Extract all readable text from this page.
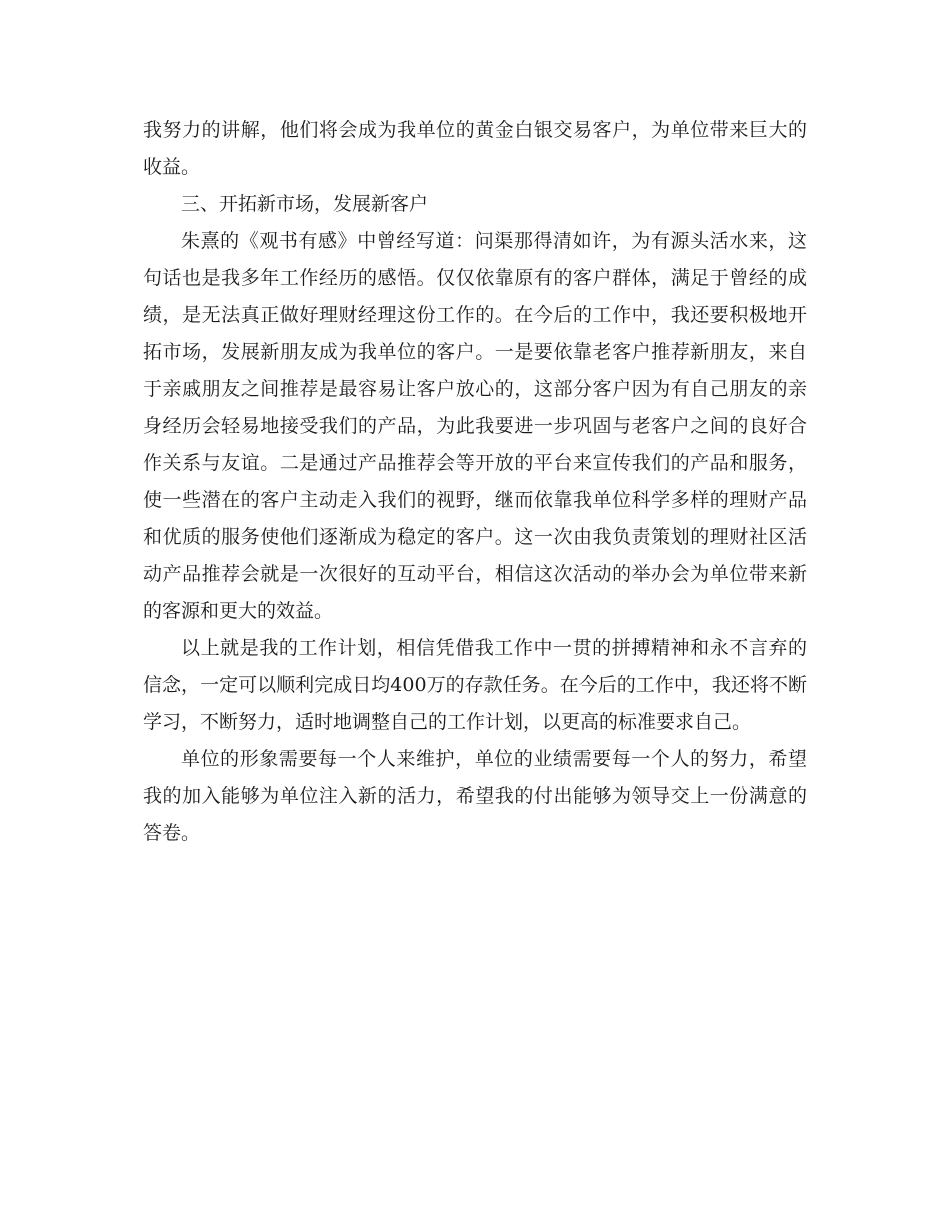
我努力的讲解，他们将会成为我单位的黄金白银交易客户，为单位带来巨大的收益。

三、开拓新市场，发展新客户

朱熹的《观书有感》中曾经写道：问渠那得清如许，为有源头活水来，这句话也是我多年工作经历的感悟。仅仅依靠原有的客户群体，满足于曾经的成绩，是无法真正做好理财经理这份工作的。在今后的工作中，我还要积极地开拓市场，发展新朋友成为我单位的客户。一是要依靠老客户推荐新朋友，来自于亲戚朋友之间推荐是最容易让客户放心的，这部分客户因为有自己朋友的亲身经历会轻易地接受我们的产品，为此我要进一步巩固与老客户之间的良好合作关系与友谊。二是通过产品推荐会等开放的平台来宣传我们的产品和服务，使一些潜在的客户主动走入我们的视野，继而依靠我单位科学多样的理财产品和优质的服务使他们逐渐成为稳定的客户。这一次由我负责策划的理财社区活动产品推荐会就是一次很好的互动平台，相信这次活动的举办会为单位带来新的客源和更大的效益。

以上就是我的工作计划，相信凭借我工作中一贯的拼搏精神和永不言弃的信念，一定可以顺利完成日均400万的存款任务。在今后的工作中，我还将不断学习，不断努力，适时地调整自己的工作计划，以更高的标准要求自己。

单位的形象需要每一个人来维护，单位的业绩需要每一个人的努力，希望我的加入能够为单位注入新的活力，希望我的付出能够为领导交上一份满意的答卷。
